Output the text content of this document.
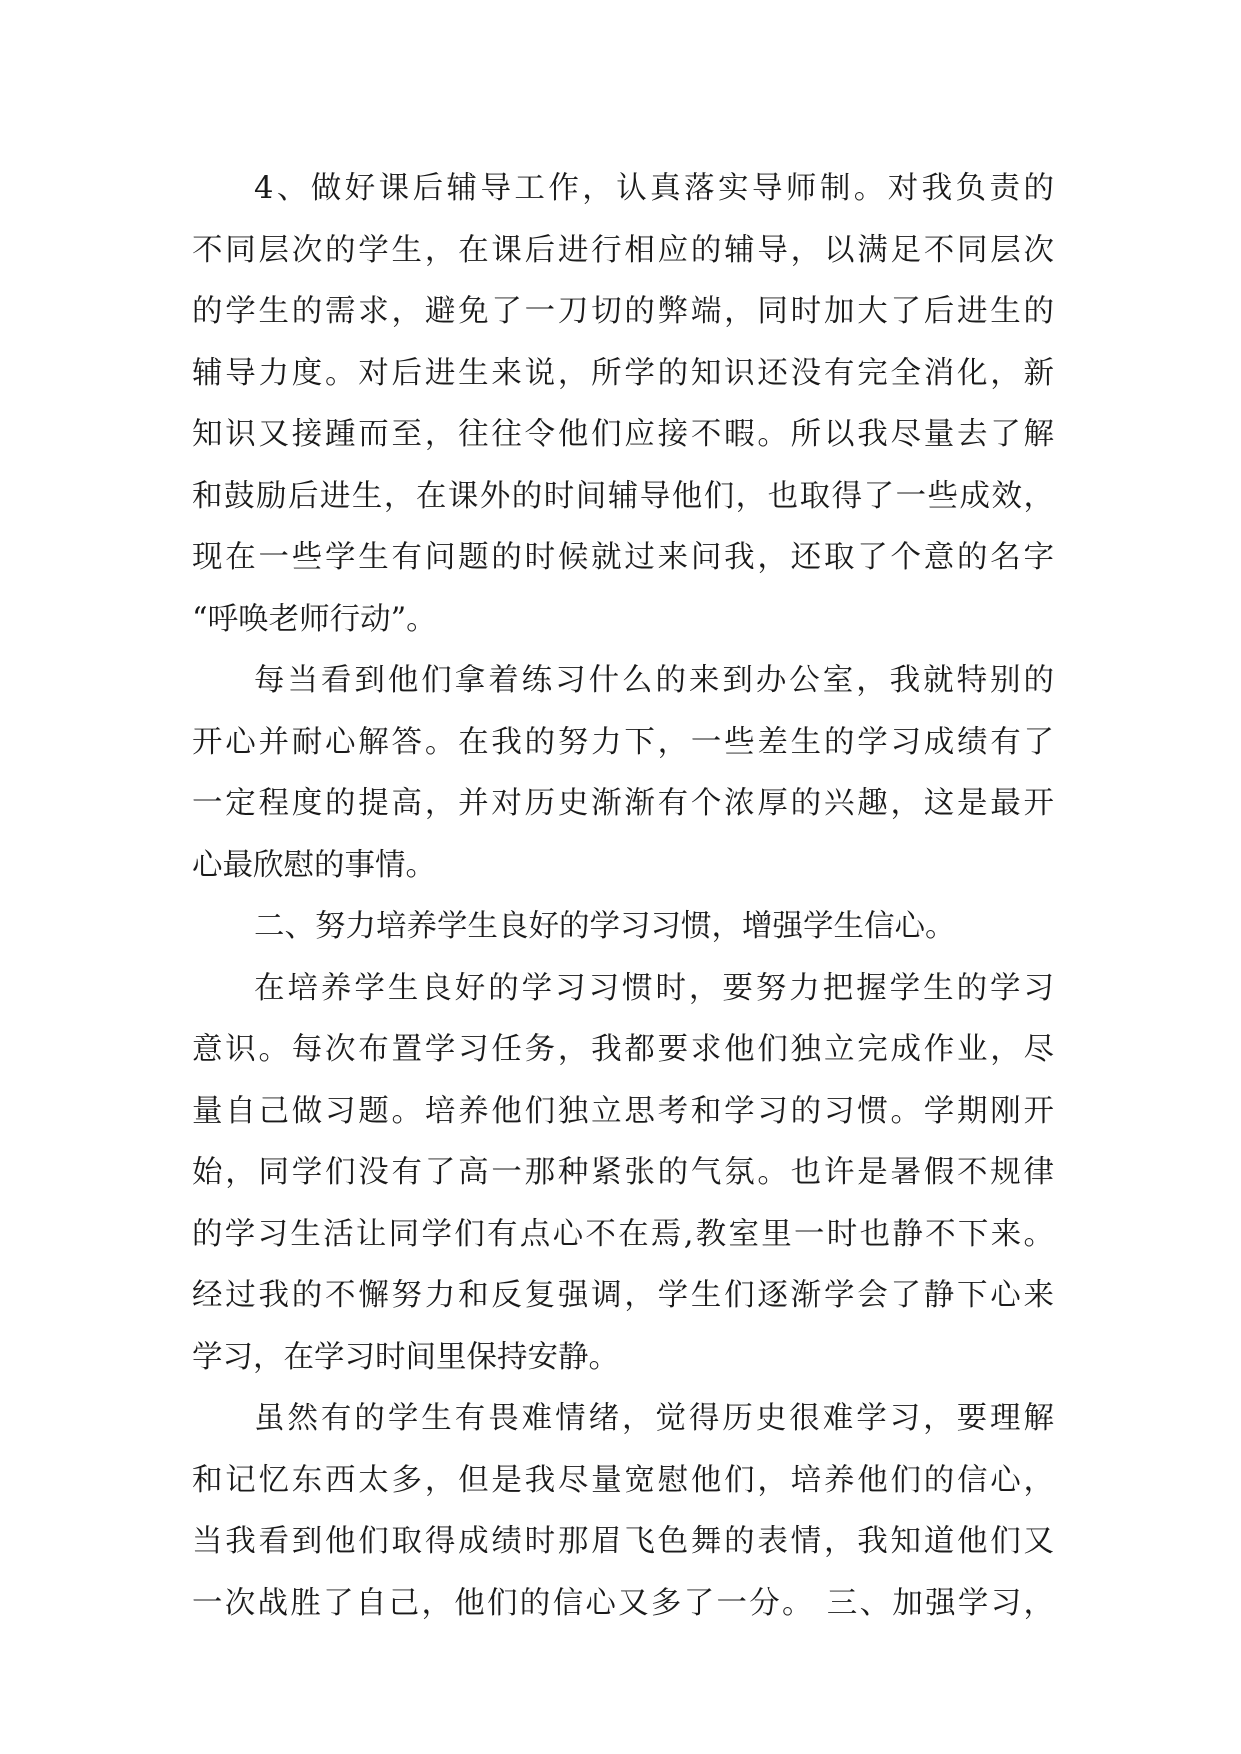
4、做好课后辅导工作，认真落实导师制。对我负责的
不同层次的学生，在课后进行相应的辅导，以满足不同层次
的学生的需求，避免了一刀切的弊端，同时加大了后进生的
辅导力度。对后进生来说，所学的知识还没有完全消化，新
知识又接踵而至，往往令他们应接不暇。所以我尽量去了解
和鼓励后进生，在课外的时间辅导他们，也取得了一些成效，
现在一些学生有问题的时候就过来问我，还取了个意的名字
“呼唤老师行动”。
每当看到他们拿着练习什么的来到办公室，我就特别的
开心并耐心解答。在我的努力下，一些差生的学习成绩有了
一定程度的提高，并对历史渐渐有个浓厚的兴趣，这是最开
心最欣慰的事情。
二、努力培养学生良好的学习习惯，增强学生信心。
在培养学生良好的学习习惯时，要努力把握学生的学习
意识。每次布置学习任务，我都要求他们独立完成作业，尽
量自己做习题。培养他们独立思考和学习的习惯。学期刚开
始，同学们没有了高一那种紧张的气氛。也许是暑假不规律
的学习生活让同学们有点心不在焉,教室里一时也静不下来。
经过我的不懈努力和反复强调，学生们逐渐学会了静下心来
学习，在学习时间里保持安静。
虽然有的学生有畏难情绪，觉得历史很难学习，要理解
和记忆东西太多，但是我尽量宽慰他们，培养他们的信心，
当我看到他们取得成绩时那眉飞色舞的表情，我知道他们又
一次战胜了自己，他们的信心又多了一分。 三、加强学习，
